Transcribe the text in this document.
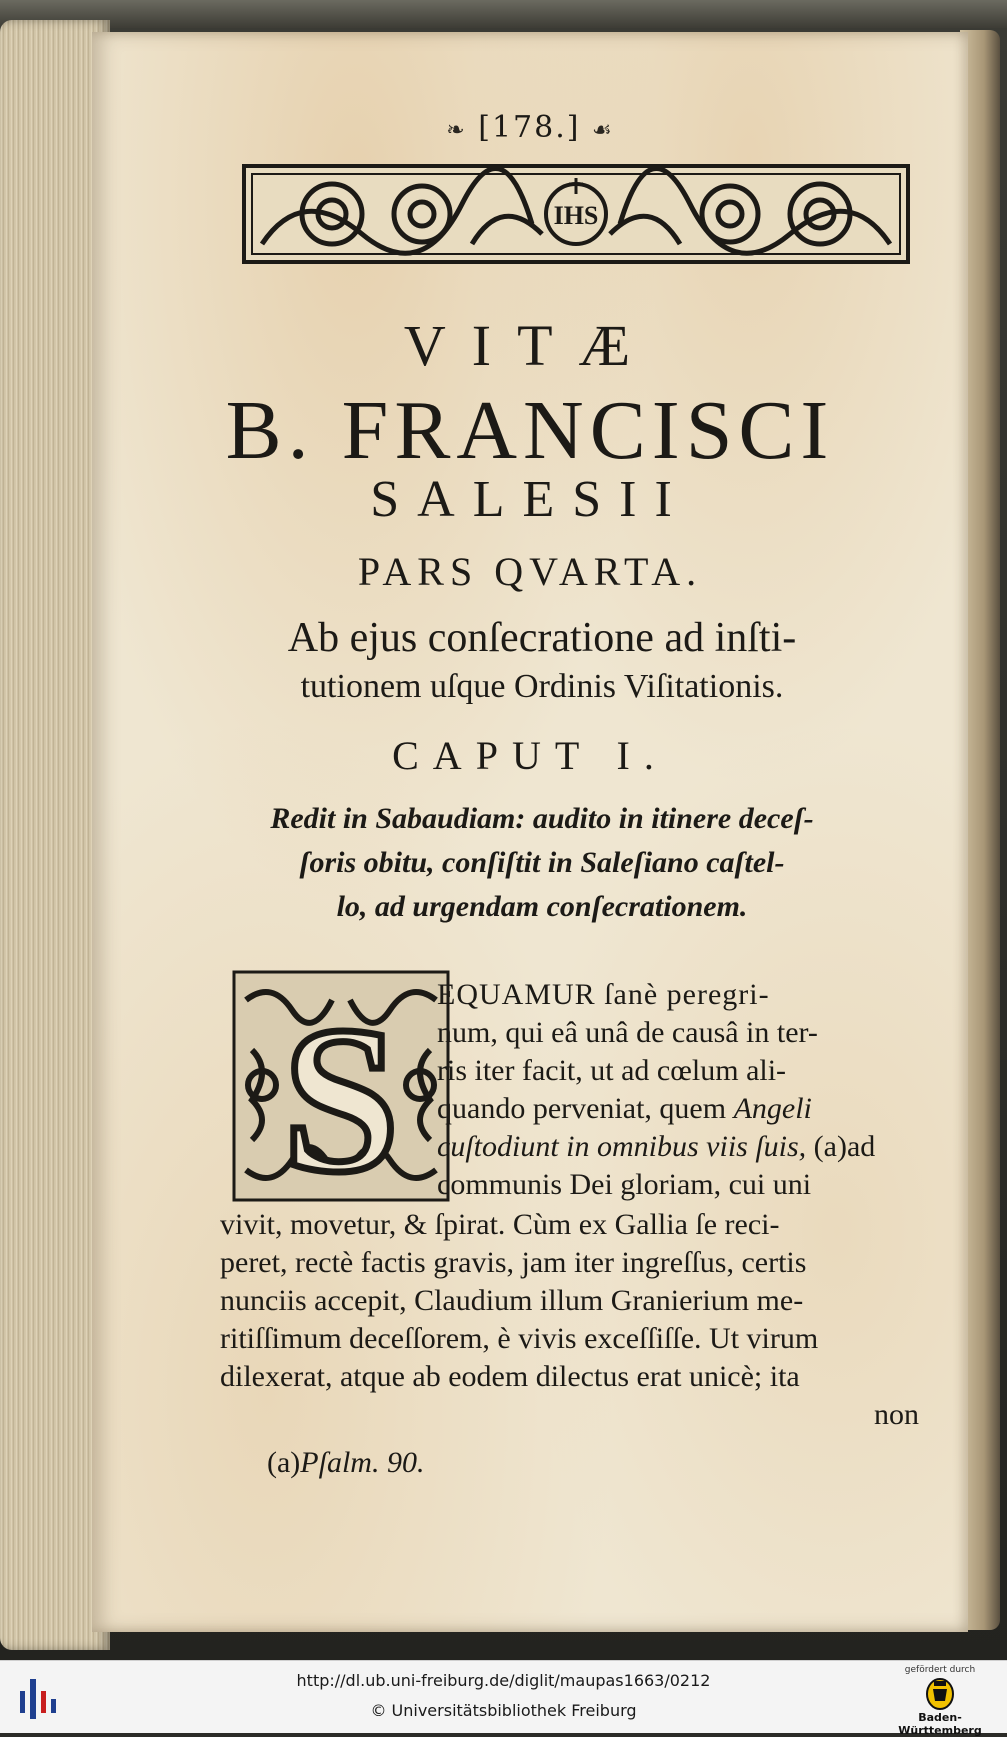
❧ [178.] ☙
IHS
VITÆ
B. FRANCISCI
SALESII
PARS QVARTA.
Ab ejus conſecratione ad inſti-
tutionem uſque Ordinis Viſitationis.
CAPUT I.
Redit in Sabaudiam: audito in itinere deceſ-
ſoris obitu, conſiſtit in Saleſiano caſtel-
lo, ad urgendam conſecrationem.
S EQUAMUR ſanè peregri-
num, qui eâ unâ de causâ in ter-
ris iter facit, ut ad cœlum ali-
quando perveniat, quem Angeli
cuſtodiunt in omnibus viis ſuis, (a)ad
communis Dei gloriam, cui uni
vivit, movetur, & ſpirat. Cùm ex Gallia ſe reci-
peret, rectè factis gravis, jam iter ingreſſus, certis
nunciis accepit, Claudium illum Granierium me-
ritiſſimum deceſſorem, è vivis exceſſiſſe. Ut virum
dilexerat, atque ab eodem dilectus erat unicè; ita
non
(a)Pſalm. 90.
http://dl.ub.uni-freiburg.de/diglit/maupas1663/0212
© Universitätsbibliothek Freiburg
gefördert durch
Baden-Württemberg
